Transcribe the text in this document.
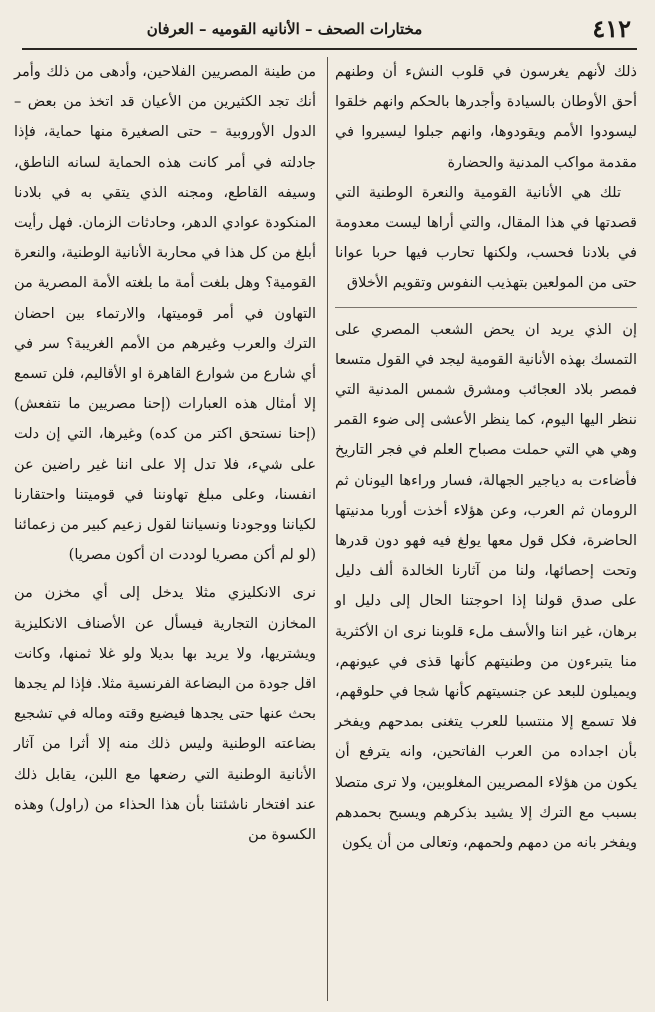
٤١٢
مختارات الصحف – الأنانيه القوميه – العرفان

ذلك لأنهم يغرسون في قلوب النشء أن وطنهم أحق الأوطان بالسيادة وأجدرها بالحكم وانهم خلقوا ليسودوا الأمم ويقودوها، وانهم جبلوا ليسيروا في مقدمة مواكب المدنية والحضارة

تلك هي الأنانية القومية والنعرة الوطنية التي قصدتها في هذا المقال، والتي أراها ليست معدومة في بلادنا فحسب، ولكنها تحارب فيها حربا عوانا حتى من المولعين بتهذيب النفوس وتقويم الأخلاق

إن الذي يريد ان يحض الشعب المصري على التمسك بهذه الأنانية القومية ليجد في القول متسعا فمصر بلاد العجائب ومشرق شمس المدنية التي ننظر اليها اليوم، كما ينظر الأعشى إلى ضوء القمر وهي هي التي حملت مصباح العلم في فجر التاريخ فأضاءت به دياجير الجهالة، فسار وراءها اليونان ثم الرومان ثم العرب، وعن هؤلاء أخذت أوربا مدنيتها الحاضرة، فكل قول معها يولغ فيه فهو دون قدرها وتحت إحصائها، ولنا من آثارنا الخالدة ألف دليل على صدق قولنا إذا احوجتنا الحال إلى دليل او برهان، غير اننا والأسف مل‌ء قلوبنا نرى ان الأكثرية منا يتبرءون من وطنيتهم كأنها قذى في عيونهم، ويميلون للبعد عن جنسيتهم كأنها شجا في حلوقهم، فلا تسمع إلا منتسبا للعرب يتغنى بمدحهم ويفخر بأن اجداده من العرب الفاتحين، وانه يترفع أن يكون من هؤلاء المصريين المغلوبين، ولا ترى متصلا بسبب مع الترك إلا يشيد بذكرهم ويسبح بحمدهم ويفخر بانه من دمهم ولحمهم، وتعالى من أن يكون

من طينة المصريين الفلاحين، وأدهى من ذلك وأمر أنك تجد الكثيرين من الأعيان قد اتخذ من بعض – الدول الأوروبية – حتى الصغيرة منها حماية، فإذا جادلته في أمر كانت هذه الحماية لسانه الناطق، وسيفه القاطع، ومجنه الذي يتقي به في بلادنا المنكودة عوادي الدهر، وحادثات الزمان. فهل رأيت أبلغ من كل هذا في محاربة الأنانية الوطنية، والنعرة القومية؟ وهل بلغت أمة ما بلغته الأمة المصرية من التهاون في أمر قوميتها، والارتماء بين احضان الترك والعرب وغيرهم من الأمم الغريبة؟ سر في أي شارع من شوارع القاهرة او الأقاليم، فلن تسمع إلا أمثال هذه العبارات (إحنا مصريين ما نتفعش) (إحنا نستحق اكتر من كده) وغيرها، التي إن دلت على شيء، فلا تدل إلا على اننا غير راضين عن انفسنا، وعلى مبلغ تهاوننا في قوميتنا واحتقارنا لكياننا ووجودنا ونسياننا لقول زعيم كبير من زعمائنا (لو لم أكن مصريا لوددت ان أكون مصريا)

نرى الانكليزي مثلا يدخل إلى أي مخزن من المخازن التجارية فيسأل عن الأصناف الانكليزية ويشتريها، ولا يريد بها بديلا ولو غلا ثمنها، وكانت اقل جودة من البضاعة الفرنسية مثلا. فإذا لم يجدها بحث عنها حتى يجدها فيضيع وقته وماله في تشجيع بضاعته الوطنية وليس ذلك منه إلا أثرا من آثار الأنانية الوطنية التي رضعها مع اللبن، يقابل ذلك عند افتخار ناشئتنا بأن هذا الحذاء من (راول) وهذه الكسوة من
